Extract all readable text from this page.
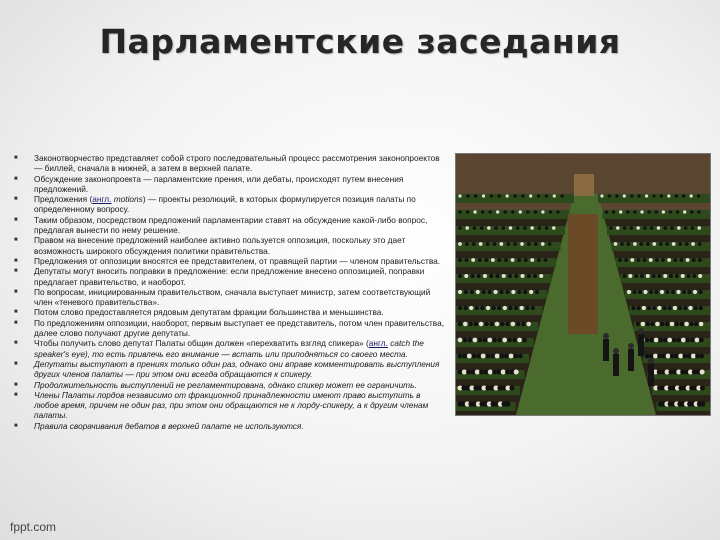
Парламентские заседания
■ Законотворчество представляет собой строго последовательный процесс рассмотрения законопроектов — биллей, сначала в нижней, а затем в верхней палате.
■ Обсуждение законопроекта — парламентские прения, или дебаты, происходят путем внесения предложений.
■ Предложения (англ. motions) — проекты резолюций, в которых формулируется позиция палаты по определенному вопросу.
■ Таким образом, посредством предложений парламентарии ставят на обсуждение какой-либо вопрос, предлагая вынести по нему решение.
■ Правом на внесение предложений наиболее активно пользуется оппозиция, поскольку это дает возможность широкого обсуждения политики правительства.
■ Предложения от оппозиции вносятся ее представителем, от правящей партии — членом правительства.
■ Депутаты могут вносить поправки в предложение: если предложение внесено оппозицией, поправки предлагает правительство, и наоборот.
■ По вопросам, инициированным правительством, сначала выступает министр, затем соответствующий член «теневого правительства».
■ Потом слово предоставляется рядовым депутатам фракции большинства и меньшинства.
■ По предложениям оппозиции, наоборот, первым выступает ее представитель, потом член правительства, далее слово получают другие депутаты.
■ Чтобы получить слово депутат Палаты общин должен «перехватить взгляд спикера» (англ. catch the speaker's eye), то есть привлечь его внимание — встать или приподняться со своего места.
■ Депутаты выступают в прениях только один раз, однако они вправе комментировать выступления других членов палаты — при этом они всегда обращаются к спикеру.
■ Продолжительность выступлений не регламентирована, однако спикер может ее ограничить.
■ Члены Палаты лордов независимо от фракционной принадлежности имеют право выступить в любое время, причем не один раз, при этом они обращаются не к лорду-спикеру, а к другим членам палаты.
■ Правила сворачивания дебатов в верхней палате не используются.
fppt.com
